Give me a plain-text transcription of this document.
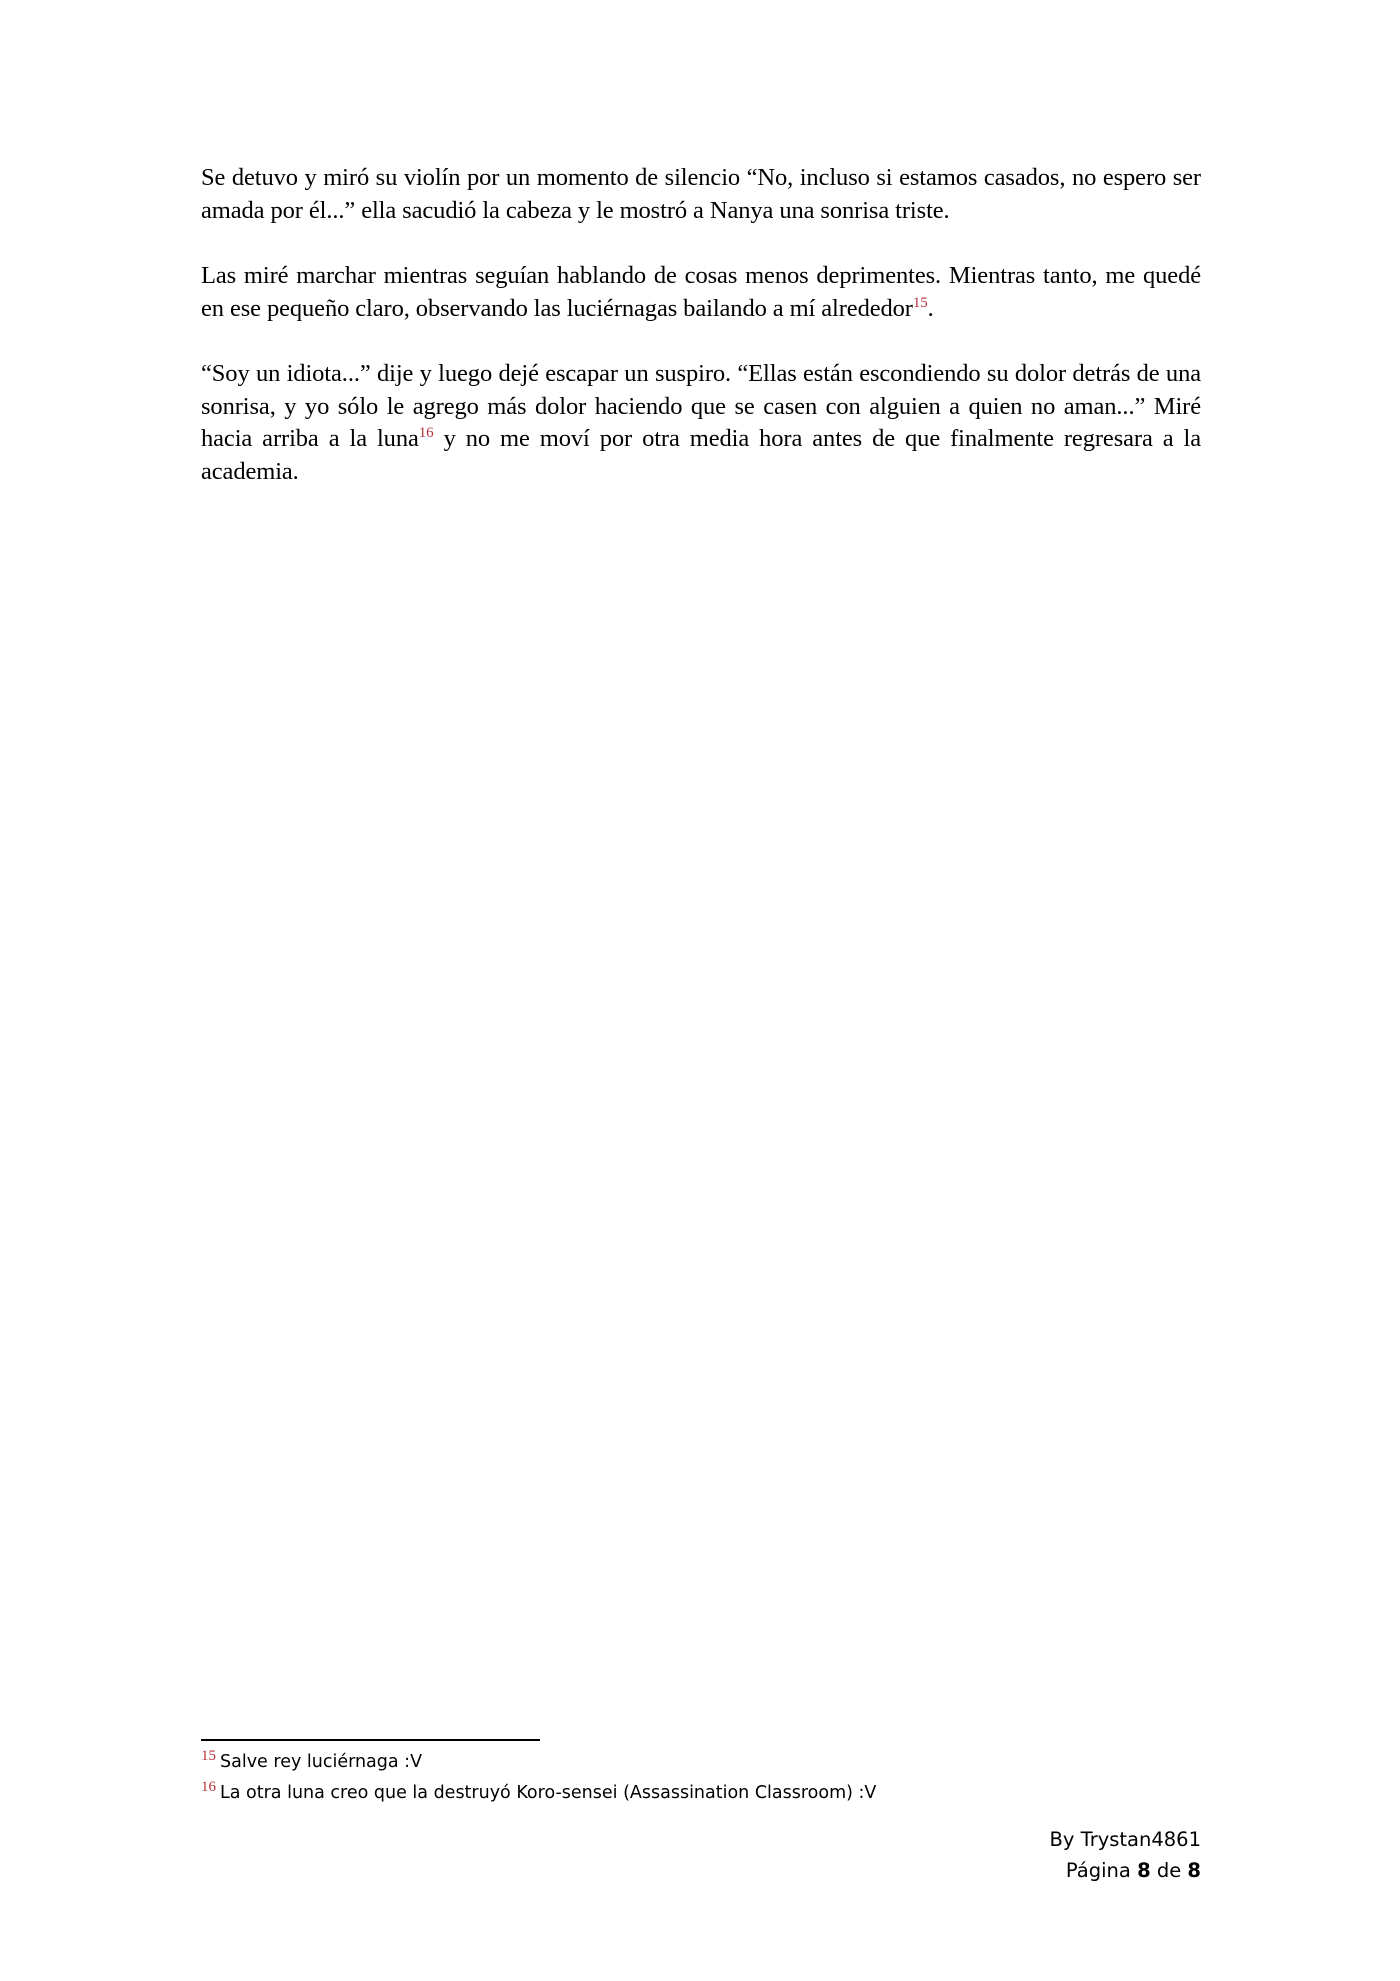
Se detuvo y miró su violín por un momento de silencio “No, incluso si estamos casados, no espero ser amada por él...” ella sacudió la cabeza y le mostró a Nanya una sonrisa triste.

Las miré marchar mientras seguían hablando de cosas menos deprimentes. Mientras tanto, me quedé en ese pequeño claro, observando las luciérnagas bailando a mí alrededor$^{15}$.

“Soy un idiota...” dije y luego dejé escapar un suspiro. “Ellas están escondiendo su dolor detrás de una sonrisa, y yo sólo le agrego más dolor haciendo que se casen con alguien a quien no aman...” Miré hacia arriba a la luna$^{16}$ y no me moví por otra media hora antes de que finalmente regresara a la academia.

$^{15}$ Salve rey luciérnaga :V
$^{16}$ La otra luna creo que la destruyó Koro-sensei (Assassination Classroom) :V
By Trystan4861
Página 8 de 8
